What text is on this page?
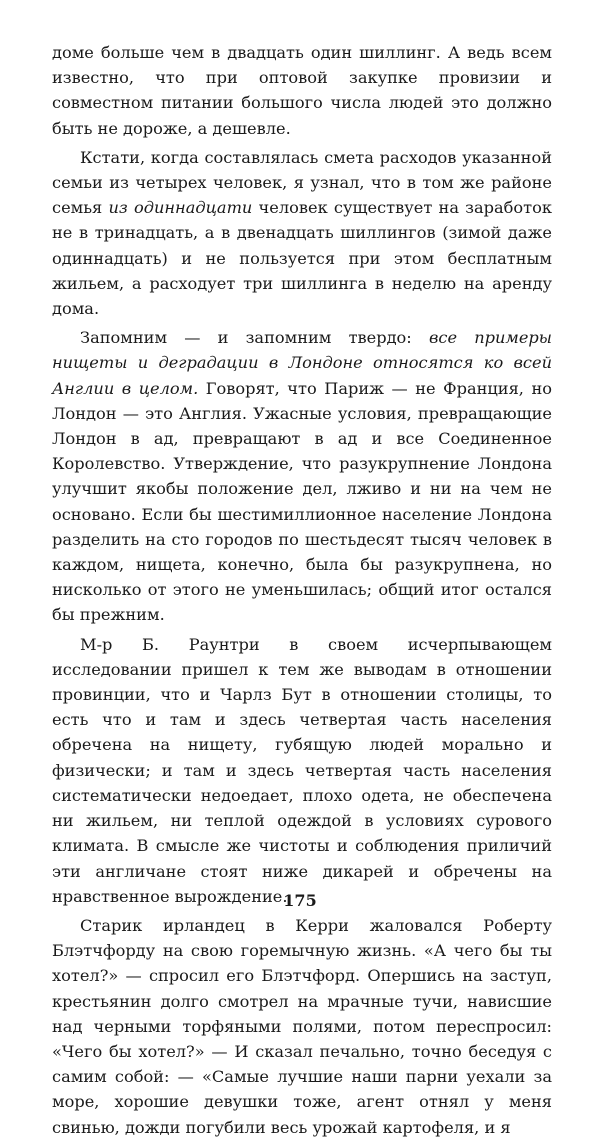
доме больше чем в двадцать один шиллинг. А ведь всем известно, что при оптовой закупке провизии и совместном питании большого числа людей это должно быть не дороже, а дешевле.

Кстати, когда составлялась смета расходов указанной семьи из четырех человек, я узнал, что в том же районе семья из одиннадцати человек существует на заработок не в тринадцать, а в двенадцать шиллингов (зимой даже одиннадцать) и не пользуется при этом бесплатным жильем, а расходует три шиллинга в неделю на аренду дома.

Запомним — и запомним твердо: все примеры нищеты и деградации в Лондоне относятся ко всей Англии в целом. Говорят, что Париж — не Франция, но Лондон — это Англия. Ужасные условия, превращающие Лондон в ад, превращают в ад и все Соединенное Королевство. Утверждение, что разукрупнение Лондона улучшит якобы положение дел, лживо и ни на чем не основано. Если бы шестимиллионное население Лондона разделить на сто городов по шестьдесят тысяч человек в каждом, нищета, конечно, была бы разукрупнена, но нисколько от этого не уменьшилась; общий итог остался бы прежним.

М-р Б. Раунтри в своем исчерпывающем исследовании пришел к тем же выводам в отношении провинции, что и Чарлз Бут в отношении столицы, то есть что и там и здесь четвертая часть населения обречена на нищету, губящую людей морально и физически; и там и здесь четвертая часть населения систематически недоедает, плохо одета, не обеспечена ни жильем, ни теплой одеждой в условиях сурового климата. В смысле же чистоты и соблюдения приличий эти англичане стоят ниже дикарей и обречены на нравственное вырождение.

Старик ирландец в Керри жаловался Роберту Блэтчфорду на свою горемычную жизнь. «А чего бы ты хотел?» — спросил его Блэтчфорд. Опершись на заступ, крестьянин долго смотрел на мрачные тучи, нависшие над черными торфяными полями, потом переспросил: «Чего бы хотел?» — И сказал печально, точно беседуя с самим собой: — «Самые лучшие наши парни уехали за море, хорошие девушки тоже, агент отнял у меня свинью, дожди погубили весь урожай картофеля, и я

175
